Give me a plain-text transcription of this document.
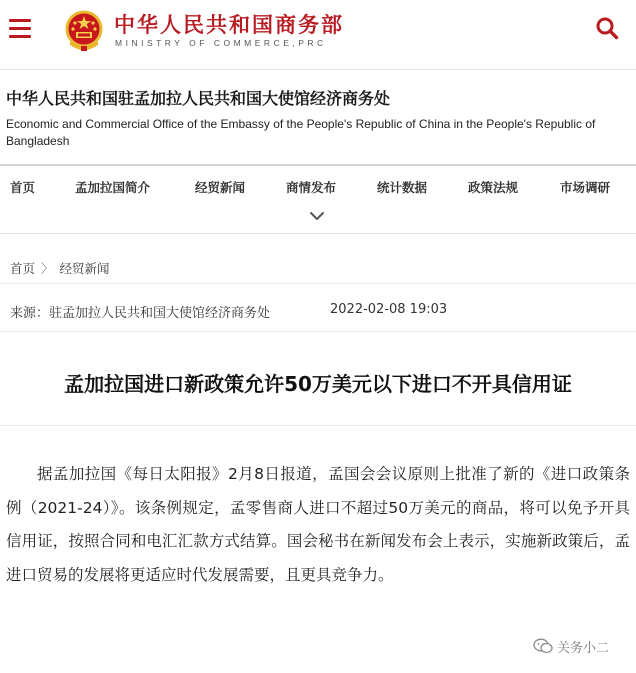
中华人民共和国商务部
MINISTRY OF COMMERCE,PRC
中华人民共和国驻孟加拉人民共和国大使馆经济商务处
Economic and Commercial Office of the Embassy of the People's Republic of China in the People's Republic of Bangladesh
首页	孟加拉国简介	经贸新闻	商情发布	统计数据	政策法规	市场调研
首页 〉 经贸新闻
来源：驻孟加拉人民共和国大使馆经济商务处	2022-02-08 19:03
孟加拉国进口新政策允许50万美元以下进口不开具信用证
据孟加拉国《每日太阳报》2月8日报道，孟国会会议原则上批准了新的《进口政策条例（2021-24）》。该条例规定，孟零售商人进口不超过50万美元的商品，将可以免予开具信用证，按照合同和电汇汇款方式结算。国会秘书在新闻发布会上表示，实施新政策后，孟进口贸易的发展将更适应时代发展需要，且更具竞争力。
关务小二
